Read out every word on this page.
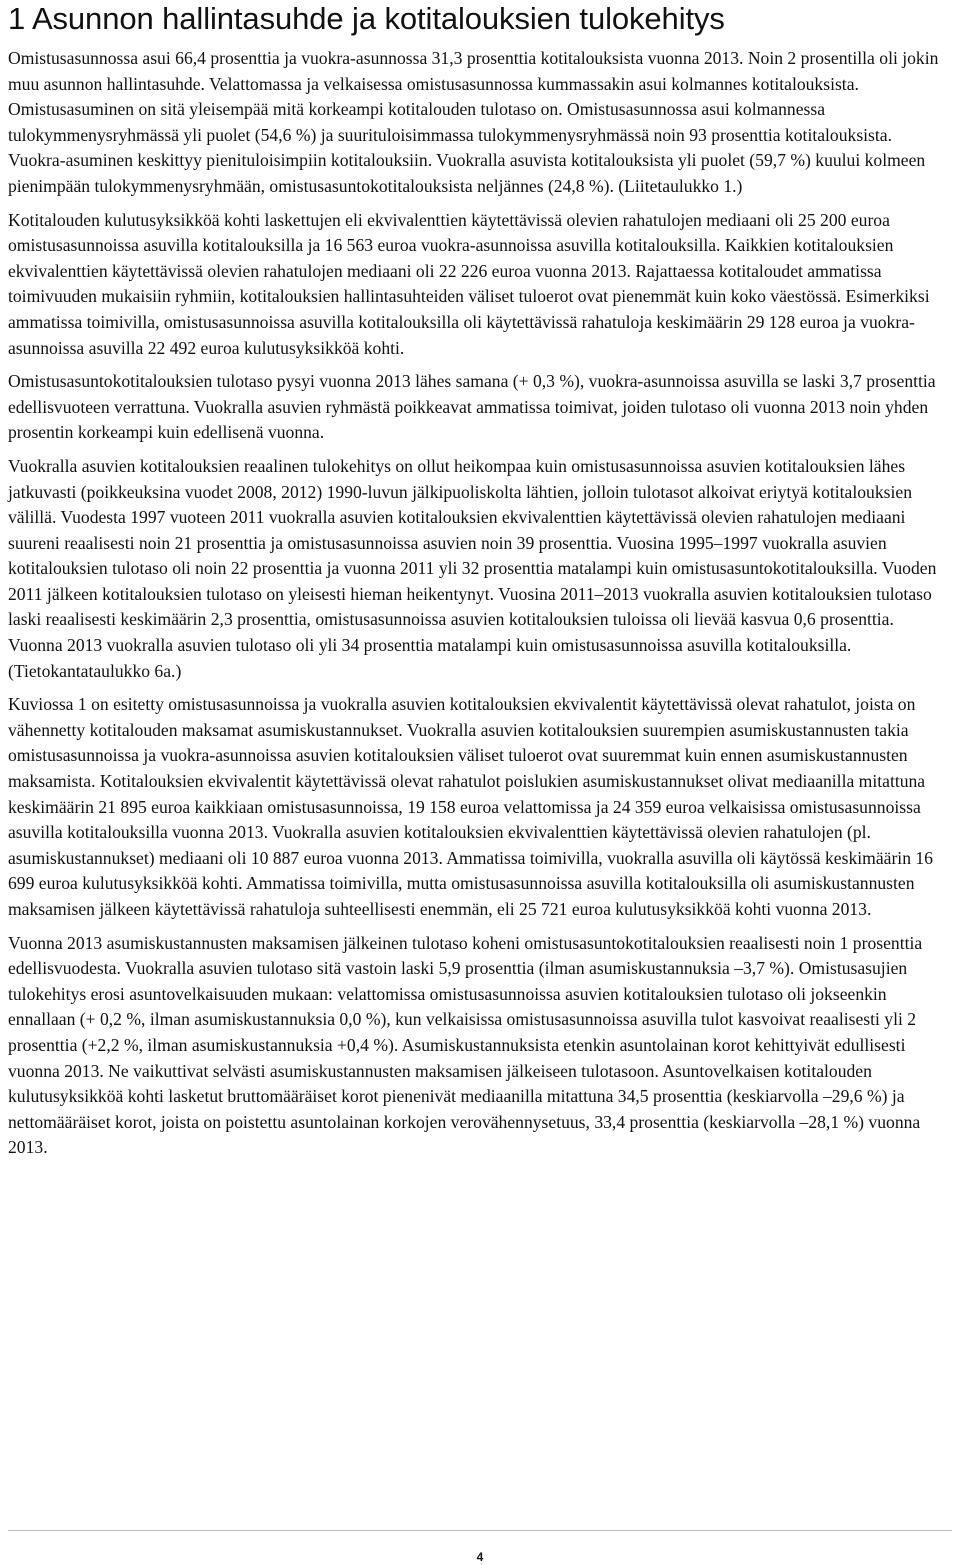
1 Asunnon hallintasuhde ja kotitalouksien tulokehitys

Omistusasunnossa asui 66,4 prosenttia ja vuokra-asunnossa 31,3 prosenttia kotitalouksista vuonna 2013. Noin 2 prosentilla oli jokin muu asunnon hallintasuhde. Velattomassa ja velkaisessa omistusasunnossa kummassakin asui kolmannes kotitalouksista. Omistusasuminen on sitä yleisempää mitä korkeampi kotitalouden tulotaso on. Omistusasunnossa asui kolmannessa tulokymmenysryhmässä yli puolet (54,6 %) ja suurituloisimmassa tulokymmenysryhmässä noin 93 prosenttia kotitalouksista. Vuokra-asuminen keskittyy pienituloisimpiin kotitalouksiin. Vuokralla asuvista kotitalouksista yli puolet (59,7 %) kuului kolmeen pienimpään tulokymmenysryhmään, omistusasuntokotitalouksista neljännes (24,8 %). (Liitetaulukko 1.)

Kotitalouden kulutusyksikköä kohti laskettujen eli ekvivalenttien käytettävissä olevien rahatulojen mediaani oli 25 200 euroa omistusasunnoissa asuvilla kotitalouksilla ja 16 563 euroa vuokra-asunnoissa asuvilla kotitalouksilla. Kaikkien kotitalouksien ekvivalenttien käytettävissä olevien rahatulojen mediaani oli 22 226 euroa vuonna 2013. Rajattaessa kotitaloudet ammatissa toimivuuden mukaisiin ryhmiin, kotitalouksien hallintasuhteiden väliset tuloerot ovat pienemmät kuin koko väestössä. Esimerkiksi ammatissa toimivilla, omistusasunnoissa asuvilla kotitalouksilla oli käytettävissä rahatuloja keskimäärin 29 128 euroa ja vuokra-asunnoissa asuvilla 22 492 euroa kulutusyksikköä kohti.

Omistusasuntokotitalouksien tulotaso pysyi vuonna 2013 lähes samana (+ 0,3 %), vuokra-asunnoissa asuvilla se laski 3,7 prosenttia edellisvuoteen verrattuna. Vuokralla asuvien ryhmästä poikkeavat ammatissa toimivat, joiden tulotaso oli vuonna 2013 noin yhden prosentin korkeampi kuin edellisenä vuonna.

Vuokralla asuvien kotitalouksien reaalinen tulokehitys on ollut heikompaa kuin omistusasunnoissa asuvien kotitalouksien lähes jatkuvasti (poikkeuksina vuodet 2008, 2012) 1990-luvun jälkipuoliskolta lähtien, jolloin tulotasot alkoivat eriytyä kotitalouksien välillä. Vuodesta 1997 vuoteen 2011 vuokralla asuvien kotitalouksien ekvivalenttien käytettävissä olevien rahatulojen mediaani suureni reaalisesti noin 21 prosenttia ja omistusasunnoissa asuvien noin 39 prosenttia. Vuosina 1995–1997 vuokralla asuvien kotitalouksien tulotaso oli noin 22 prosenttia ja vuonna 2011 yli 32 prosenttia matalampi kuin omistusasuntokotitalouksilla. Vuoden 2011 jälkeen kotitalouksien tulotaso on yleisesti hieman heikentynyt. Vuosina 2011–2013 vuokralla asuvien kotitalouksien tulotaso laski reaalisesti keskimäärin 2,3 prosenttia, omistusasunnoissa asuvien kotitalouksien tuloissa oli lievää kasvua 0,6 prosenttia. Vuonna 2013 vuokralla asuvien tulotaso oli yli 34 prosenttia matalampi kuin omistusasunnoissa asuvilla kotitalouksilla. (Tietokantataulukko 6a.)

Kuviossa 1 on esitetty omistusasunnoissa ja vuokralla asuvien kotitalouksien ekvivalentit käytettävissä olevat rahatulot, joista on vähennetty kotitalouden maksamat asumiskustannukset. Vuokralla asuvien kotitalouksien suurempien asumiskustannusten takia omistusasunnoissa ja vuokra-asunnoissa asuvien kotitalouksien väliset tuloerot ovat suuremmat kuin ennen asumiskustannusten maksamista. Kotitalouksien ekvivalentit käytettävissä olevat rahatulot poislukien asumiskustannukset olivat mediaanilla mitattuna keskimäärin 21 895 euroa kaikkiaan omistusasunnoissa, 19 158 euroa velattomissa ja 24 359 euroa velkaisissa omistusasunnoissa asuvilla kotitalouksilla vuonna 2013. Vuokralla asuvien kotitalouksien ekvivalenttien käytettävissä olevien rahatulojen (pl. asumiskustannukset) mediaani oli 10 887 euroa vuonna 2013. Ammatissa toimivilla, vuokralla asuvilla oli käytössä keskimäärin 16 699 euroa kulutusyksikköä kohti. Ammatissa toimivilla, mutta omistusasunnoissa asuvilla kotitalouksilla oli asumiskustannusten maksamisen jälkeen käytettävissä rahatuloja suhteellisesti enemmän, eli 25 721 euroa kulutusyksikköä kohti vuonna 2013.

Vuonna 2013 asumiskustannusten maksamisen jälkeinen tulotaso koheni omistusasuntokotitalouksien reaalisesti noin 1 prosenttia edellisvuodesta. Vuokralla asuvien tulotaso sitä vastoin laski 5,9 prosenttia (ilman asumiskustannuksia –3,7 %). Omistusasujien tulokehitys erosi asuntovelkaisuuden mukaan: velattomissa omistusasunnoissa asuvien kotitalouksien tulotaso oli jokseenkin ennallaan (+ 0,2 %, ilman asumiskustannuksia 0,0 %), kun velkaisissa omistusasunnoissa asuvilla tulot kasvoivat reaalisesti yli 2 prosenttia (+2,2 %, ilman asumiskustannuksia +0,4 %). Asumiskustannuksista etenkin asuntolainan korot kehittyivät edullisesti vuonna 2013. Ne vaikuttivat selvästi asumiskustannusten maksamisen jälkeiseen tulotasoon. Asuntovelkaisen kotitalouden kulutusyksikköä kohti lasketut bruttomääräiset korot pienenivät mediaanilla mitattuna 34,5 prosenttia (keskiarvolla –29,6 %) ja nettomääräiset korot, joista on poistettu asuntolainan korkojen verovähennysetuus, 33,4 prosenttia (keskiarvolla –28,1 %) vuonna 2013.

4
